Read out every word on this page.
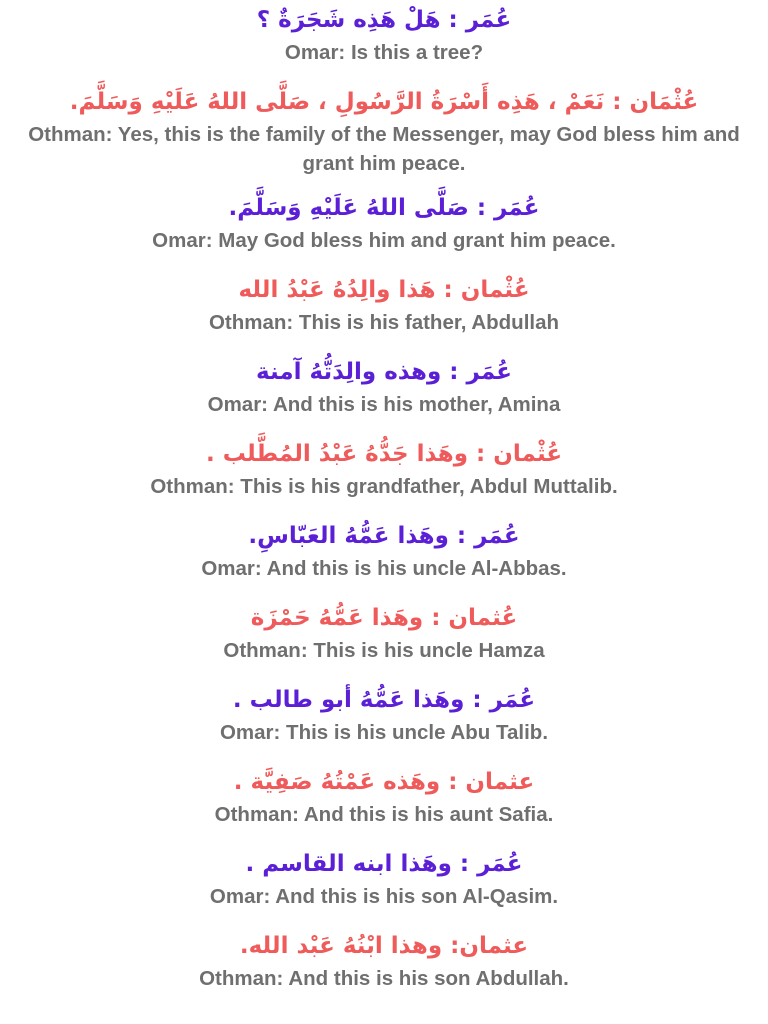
عُمَر : هَلْ هَذِه شَجَرَةٌ ؟

Omar: Is this a tree?

عُثْمَان : نَعَمْ ، هَذِه أَسْرَةُ الرَّسُولِ ، صَلَّى اللهُ عَلَيْهِ وَسَلَّمَ.

Othman: Yes, this is the family of the Messenger, may God bless him and grant him peace.

عُمَر : صَلَّى اللهُ عَلَيْهِ وَسَلَّمَ.

Omar: May God bless him and grant him peace.

عُثْمان : هَذا والِدُهُ عَبْدُ الله

Othman: This is his father, Abdullah

عُمَر : وهذه والِدَتُّهُ آمنة

Omar: And this is his mother, Amina

عُثْمان : وهَذا جَدُّهُ عَبْدُ المُطَّلب .

Othman: This is his grandfather, Abdul Muttalib.

عُمَر : وهَذا عَمُّهُ العَبّاسِ.

Omar: And this is his uncle Al-Abbas.

عُثمان : وهَذا عَمُّهُ حَمْزَة

Othman: This is his uncle Hamza

عُمَر : وهَذا عَمُّهُ أبو طالب .

Omar: This is his uncle Abu Talib.

عثمان : وهَذه عَمْتُهُ صَفِيَّة .

Othman: And this is his aunt Safia.

عُمَر : وهَذا ابنه القاسم .

Omar: And this is his son Al-Qasim.

عثمان: وهذا ابْنُهُ عَبْد الله.

Othman: And this is his son Abdullah.
